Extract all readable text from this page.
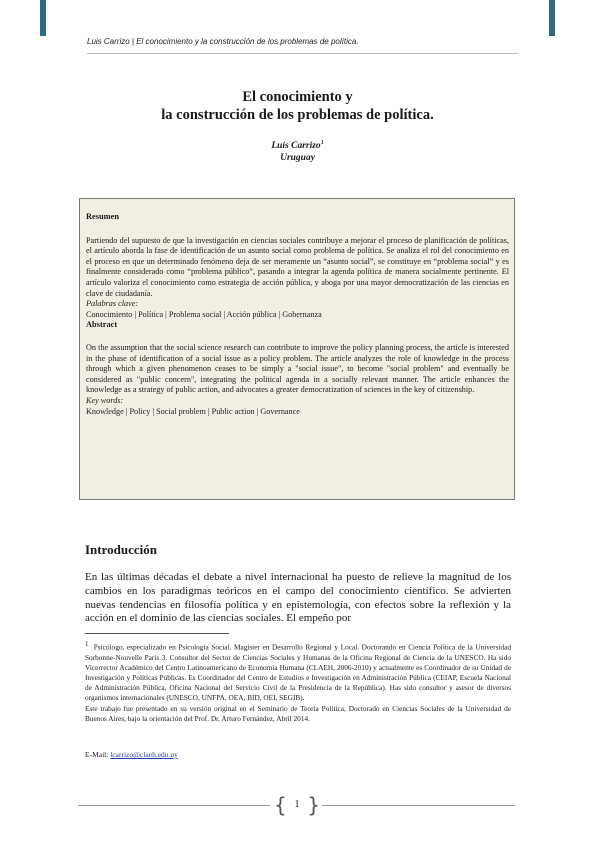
Luis Carrizo | El conocimiento y la construcción de los problemas de política.
El conocimiento y
la construcción de los problemas de política.
Luis Carrizo$^1$
Uruguay
Resumen

Partiendo del supuesto de que la investigación en ciencias sociales contribuye a mejorar el proceso de planificación de políticas, el artículo aborda la fase de identificación de un asunto social como problema de política. Se analiza el rol del conocimiento en el proceso en que un determinado fenómeno deja de ser meramente un “asunto social”, se constituye en “problema social” y es finalmente considerado como “problema público”, pasando a integrar la agenda política de manera socialmente pertinente. El artículo valoriza el conocimiento como estrategia de acción pública, y aboga por una mayor democratización de las ciencias en clave de ciudadanía.

Palabras clave:

Conocimiento | Política | Problema social | Acción pública | Gobernanza

Abstract

On the assumption that the social science research can contribute to improve the policy planning process, the article is interested in the phase of identification of a social issue as a policy problem. The article analyzes the role of knowledge in the process through which a given phenomenon ceases to be simply a "social issue", to become "social problem" and eventually be considered as "public concern", integrating the political agenda in a socially relevant manner. The article enhances the knowledge as a strategy of public action, and advocates a greater democratization of sciences in the key of citizenship.

Key words:

Knowledge | Policy | Social problem | Public action | Governance

Introducción

En las últimas décadas el debate a nivel internacional ha puesto de relieve la magnitud de los cambios en los paradigmas teóricos en el campo del conocimiento científico. Se advierten nuevas tendencias en filosofía política y en epistemología, con efectos sobre la reflexión y la acción en el dominio de las ciencias sociales. El empeño por

$^1$ Psicólogo, especializado en Psicología Social. Magíster en Desarrollo Regional y Local. Doctorando en Ciencia Política de la Universidad Sorbonne-Nouvelle París 3. Consultor del Sector de Ciencias Sociales y Humanas de la Oficina Regional de Ciencia de la UNESCO. Ha sido Vicerrector Académico del Centro Latinoamericano de Economía Humana (CLAEH, 2006-2010) y actualmente es Coordinador de su Unidad de Investigación y Políticas Públicas. Es Coordinador del Centro de Estudios e Investigación en Administración Pública (CEIAP, Escuela Nacional de Administración Pública, Oficina Nacional del Servicio Civil de la Presidencia de la República). Has sido consultor y asesor de diversos organismos internacionales (UNESCO, UNFPA, OEA, BID, OEI, SEGIB).

Este trabajo fue presentado en su versión original en el Seminario de Teoría Política, Doctorado en Ciencias Sociales de la Universidad de Buenos Aires, bajo la orientación del Prof. Dr. Arturo Fernández, Abril 2014.

E-Mail: lcarrizo@claeh.edu.uy
{ 1 }
